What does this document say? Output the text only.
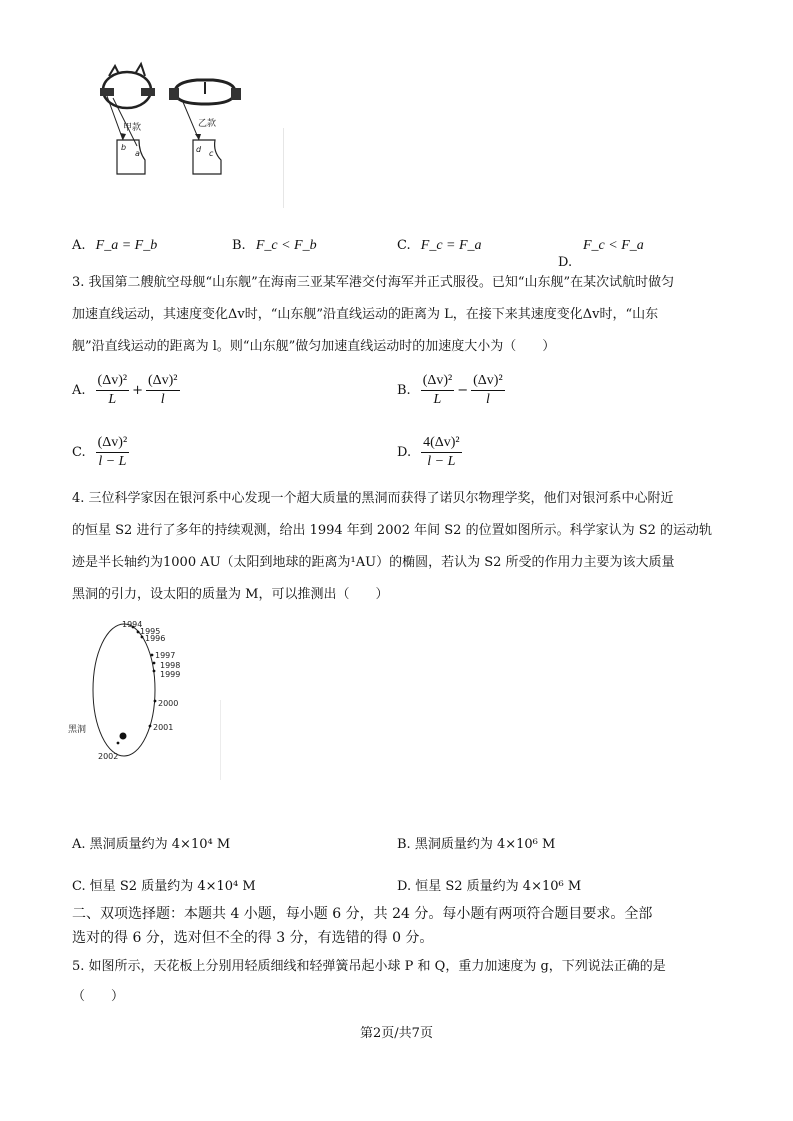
甲款
b
a
乙款
d c
A. F_a = F_b	B. F_c < F_b	C. F_c = F_a
D.
F_c < F_a
3. 我国第二艘航空母舰“山东舰”在海南三亚某军港交付海军并正式服役。已知“山东舰”在某次试航时做匀
加速直线运动，其速度变化Δv时，“山东舰”沿直线运动的距离为 L，在接下来其速度变化Δv时，“山东
舰”沿直线运动的距离为 l。则“山东舰”做匀加速直线运动时的加速度大小为（　　）
A. $\frac{\text{(Δv)²}}{L} + \frac{\text{(Δv)²}}{l}$	B. $\frac{\text{(Δv)²}}{L} - \frac{\text{(Δv)²}}{l}$
C. $\frac{\text{(Δv)²}}{l - L}$	D. $\frac{\text{4(Δv)²}}{l - L}$
4. 三位科学家因在银河系中心发现一个超大质量的黑洞而获得了诺贝尔物理学奖，他们对银河系中心附近
的恒星 S2 进行了多年的持续观测，给出 1994 年到 2002 年间 S2 的位置如图所示。科学家认为 S2 的运动轨
迹是半长轴约为1000 AU（太阳到地球的距离为¹AU）的椭圆，若认为 S2 所受的作用力主要为该大质量
黑洞的引力，设太阳的质量为 M，可以推测出（　　）
1994
1995
1996
1997
1998
1999
2000
2001
2002
黑洞
A. 黑洞质量约为 4×10⁴ M	B. 黑洞质量约为 4×10⁶ M
C. 恒星 S2 质量约为 4×10⁴ M	D. 恒星 S2 质量约为 4×10⁶ M
二、双项选择题：本题共 4 小题，每小题 6 分，共 24 分。每小题有两项符合题目要求。全部
选对的得 6 分，选对但不全的得 3 分，有选错的得 0 分。
5. 如图所示，天花板上分别用轻质细线和轻弹簧吊起小球 P 和 Q，重力加速度为 g，下列说法正确的是
（　　）
第2页/共7页
